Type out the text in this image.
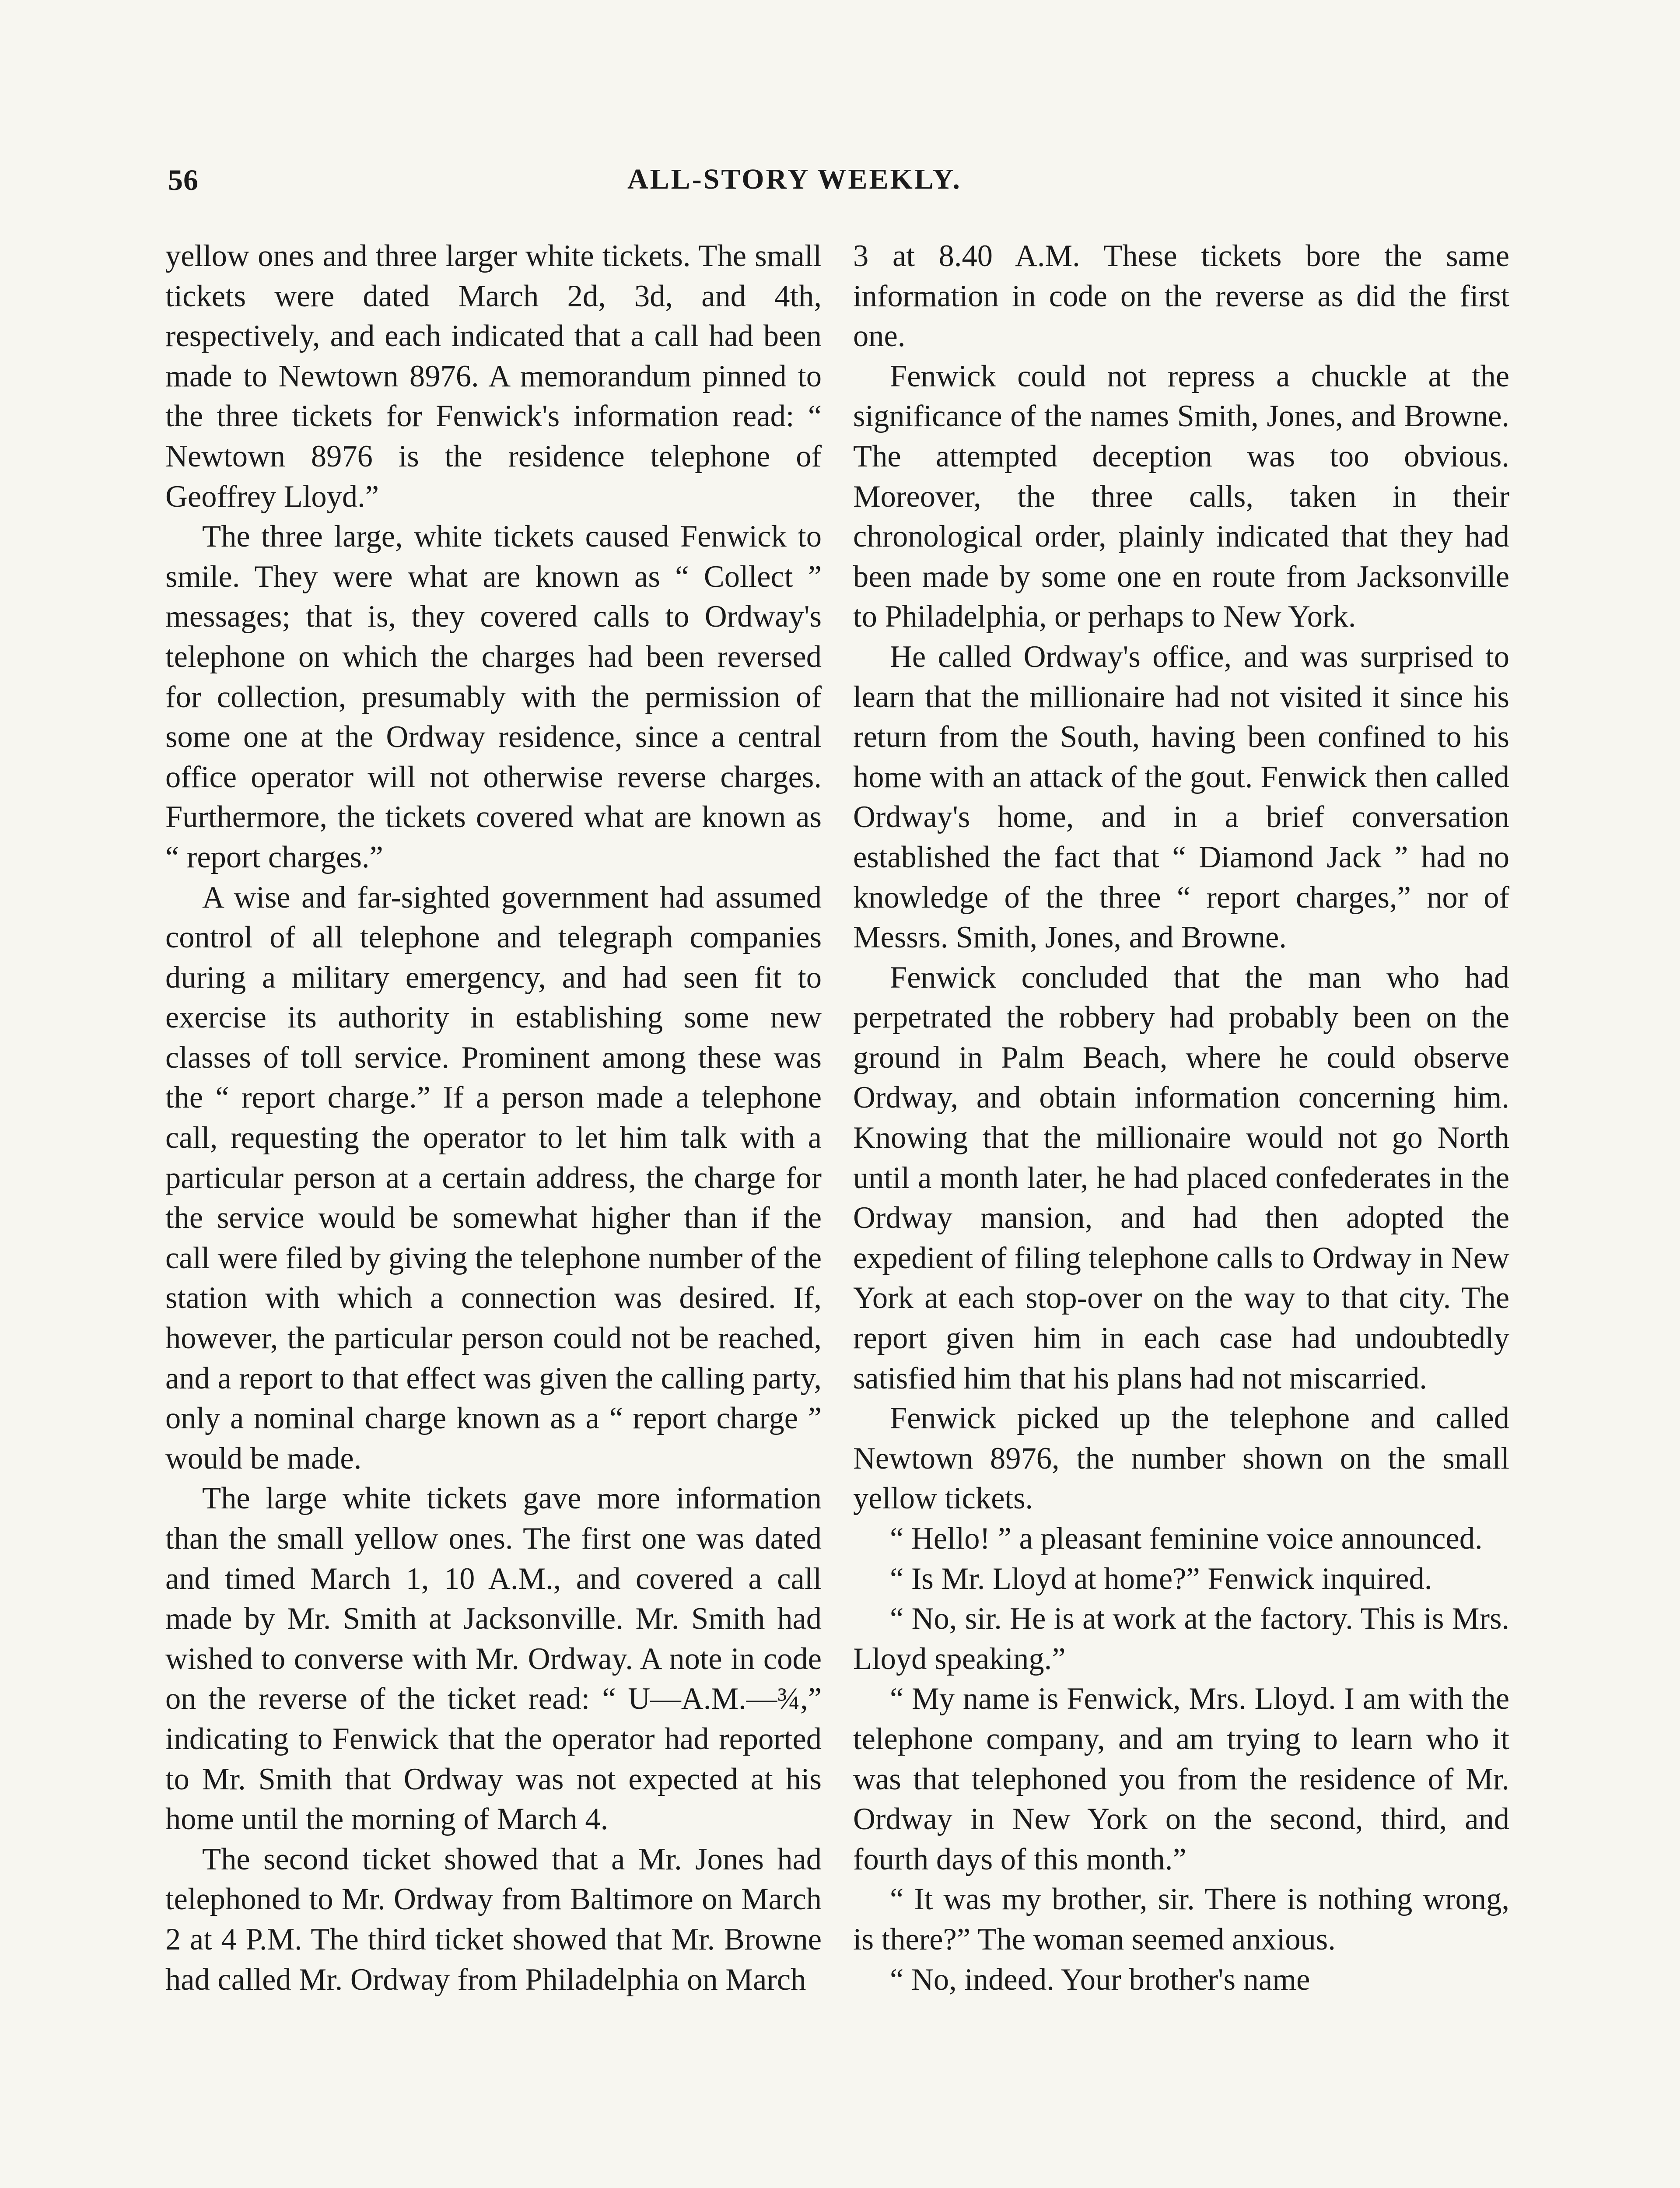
56	ALL-STORY WEEKLY.

yellow ones and three larger white tickets. The small tickets were dated March 2d, 3d, and 4th, respectively, and each indicated that a call had been made to Newtown 8976. A memorandum pinned to the three tickets for Fenwick's information read: “ Newtown 8976 is the residence telephone of Geoffrey Lloyd.”

The three large, white tickets caused Fenwick to smile. They were what are known as “ Collect ” messages; that is, they covered calls to Ordway's telephone on which the charges had been reversed for collection, presumably with the permission of some one at the Ordway residence, since a central office operator will not otherwise reverse charges. Furthermore, the tickets covered what are known as “ report charges.”

A wise and far-sighted government had assumed control of all telephone and telegraph companies during a military emergency, and had seen fit to exercise its authority in establishing some new classes of toll service. Prominent among these was the “ report charge.” If a person made a telephone call, requesting the operator to let him talk with a particular person at a certain address, the charge for the service would be somewhat higher than if the call were filed by giving the telephone number of the station with which a connection was desired. If, however, the particular person could not be reached, and a report to that effect was given the calling party, only a nominal charge known as a “ report charge ” would be made.

The large white tickets gave more information than the small yellow ones. The first one was dated and timed March 1, 10 A.M., and covered a call made by Mr. Smith at Jacksonville. Mr. Smith had wished to converse with Mr. Ordway. A note in code on the reverse of the ticket read: “ U—A.M.—¾,” indicating to Fenwick that the operator had reported to Mr. Smith that Ordway was not expected at his home until the morning of March 4.

The second ticket showed that a Mr. Jones had telephoned to Mr. Ordway from Baltimore on March 2 at 4 P.M. The third ticket showed that Mr. Browne had called Mr. Ordway from Philadelphia on March

3 at 8.40 A.M. These tickets bore the same information in code on the reverse as did the first one.

Fenwick could not repress a chuckle at the significance of the names Smith, Jones, and Browne. The attempted deception was too obvious. Moreover, the three calls, taken in their chronological order, plainly indicated that they had been made by some one en route from Jacksonville to Philadelphia, or perhaps to New York.

He called Ordway's office, and was surprised to learn that the millionaire had not visited it since his return from the South, having been confined to his home with an attack of the gout. Fenwick then called Ordway's home, and in a brief conversation established the fact that “ Diamond Jack ” had no knowledge of the three “ report charges,” nor of Messrs. Smith, Jones, and Browne.

Fenwick concluded that the man who had perpetrated the robbery had probably been on the ground in Palm Beach, where he could observe Ordway, and obtain information concerning him. Knowing that the millionaire would not go North until a month later, he had placed confederates in the Ordway mansion, and had then adopted the expedient of filing telephone calls to Ordway in New York at each stop-over on the way to that city. The report given him in each case had undoubtedly satisfied him that his plans had not miscarried.

Fenwick picked up the telephone and called Newtown 8976, the number shown on the small yellow tickets.

“ Hello! ” a pleasant feminine voice announced.

“ Is Mr. Lloyd at home?” Fenwick inquired.

“ No, sir. He is at work at the factory. This is Mrs. Lloyd speaking.”

“ My name is Fenwick, Mrs. Lloyd. I am with the telephone company, and am trying to learn who it was that telephoned you from the residence of Mr. Ordway in New York on the second, third, and fourth days of this month.”

“ It was my brother, sir. There is nothing wrong, is there?” The woman seemed anxious.

“ No, indeed. Your brother's name
